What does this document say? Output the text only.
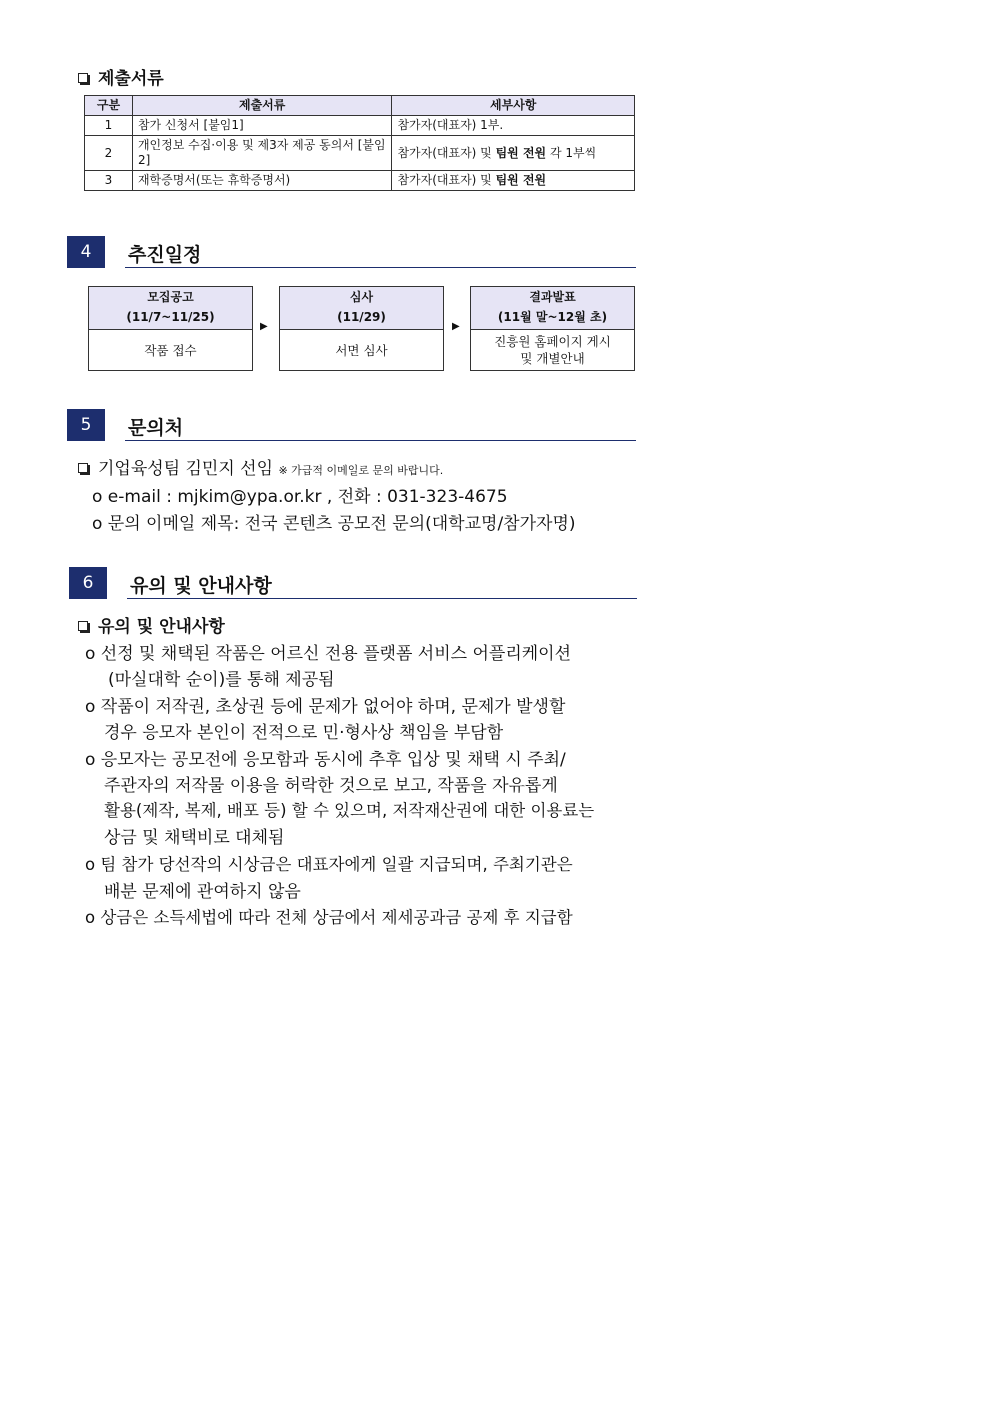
제출서류
구분	제출서류	세부사항
1	참가 신청서 [붙임1]	참가자(대표자) 1부.
2	개인정보 수집·이용 및 제3자 제공 동의서 [붙임2]	참가자(대표자) 및 팀원 전원 각 1부씩
3	재학증명서(또는 휴학증명서)	참가자(대표자) 및 팀원 전원
4	추진일정
모집공고
(11/7~11/25)
작품 접수
▶
심사
(11/29)
서면 심사
▶
결과발표
(11월 말~12월 초)
진흥원 홈페이지 게시
및 개별안내
5	문의처
기업육성팀 김민지 선임 ※ 가급적 이메일로 문의 바랍니다.
o e-mail : mjkim@ypa.or.kr , 전화 : 031-323-4675
o 문의 이메일 제목: 전국 콘텐츠 공모전 문의(대학교명/참가자명)
6	유의 및 안내사항
유의 및 안내사항
o 선정 및 채택된 작품은 어르신 전용 플랫폼 서비스 어플리케이션
(마실대학 순이)를 통해 제공됨
o 작품이 저작권, 초상권 등에 문제가 없어야 하며, 문제가 발생할
경우 응모자 본인이 전적으로 민·형사상 책임을 부담함
o 응모자는 공모전에 응모함과 동시에 추후 입상 및 채택 시 주최/
주관자의 저작물 이용을 허락한 것으로 보고, 작품을 자유롭게
활용(제작, 복제, 배포 등) 할 수 있으며, 저작재산권에 대한 이용료는
상금 및 채택비로 대체됨
o 팀 참가 당선작의 시상금은 대표자에게 일괄 지급되며, 주최기관은
배분 문제에 관여하지 않음
o 상금은 소득세법에 따라 전체 상금에서 제세공과금 공제 후 지급함
